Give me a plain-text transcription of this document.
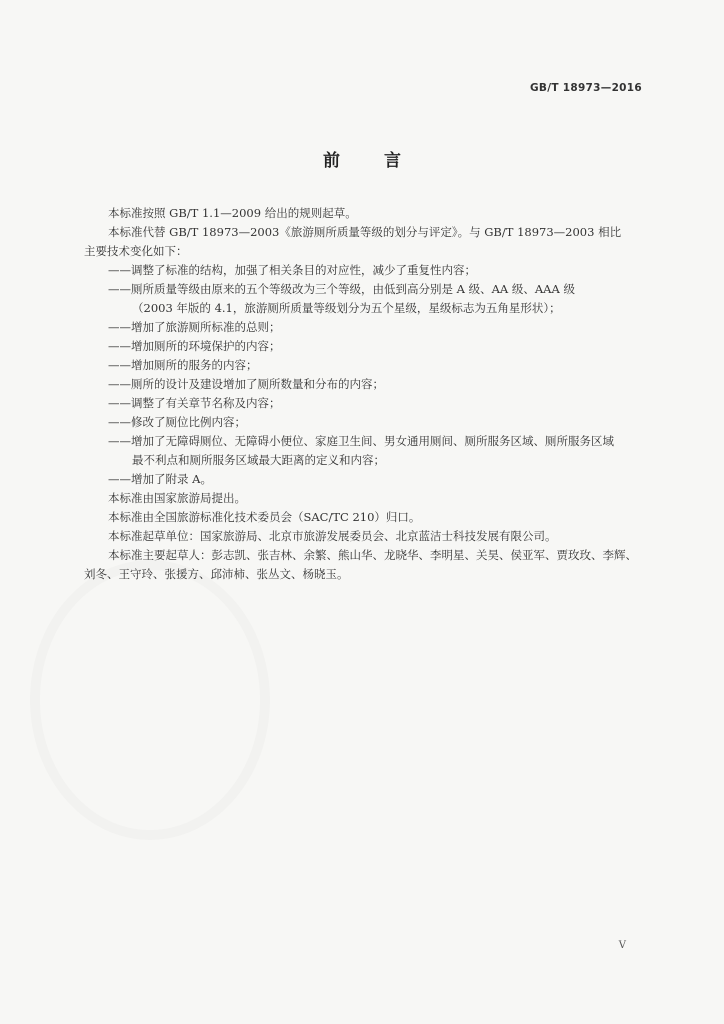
GB/T 18973—2016
前	言

本标准按照 GB/T 1.1—2009 给出的规则起草。

本标准代替 GB/T 18973—2003《旅游厕所质量等级的划分与评定》。与 GB/T 18973—2003 相比

主要技术变化如下：

——调整了标准的结构，加强了相关条目的对应性，减少了重复性内容；

——厕所质量等级由原来的五个等级改为三个等级，由低到高分别是 A 级、AA 级、AAA 级

（2003 年版的 4.1，旅游厕所质量等级划分为五个星级，星级标志为五角星形状）；

——增加了旅游厕所标准的总则；

——增加厕所的环境保护的内容；

——增加厕所的服务的内容；

——厕所的设计及建设增加了厕所数量和分布的内容；

——调整了有关章节名称及内容；

——修改了厕位比例内容；

——增加了无障碍厕位、无障碍小便位、家庭卫生间、男女通用厕间、厕所服务区域、厕所服务区域

最不利点和厕所服务区域最大距离的定义和内容；

——增加了附录 A。

本标准由国家旅游局提出。

本标准由全国旅游标准化技术委员会（SAC/TC 210）归口。

本标准起草单位：国家旅游局、北京市旅游发展委员会、北京蓝洁士科技发展有限公司。

本标准主要起草人：彭志凯、张吉林、余繁、熊山华、龙晓华、李明星、关昊、侯亚军、贾玫玫、李辉、

刘冬、王守玲、张援方、邱沛柿、张丛文、杨晓玉。

V
